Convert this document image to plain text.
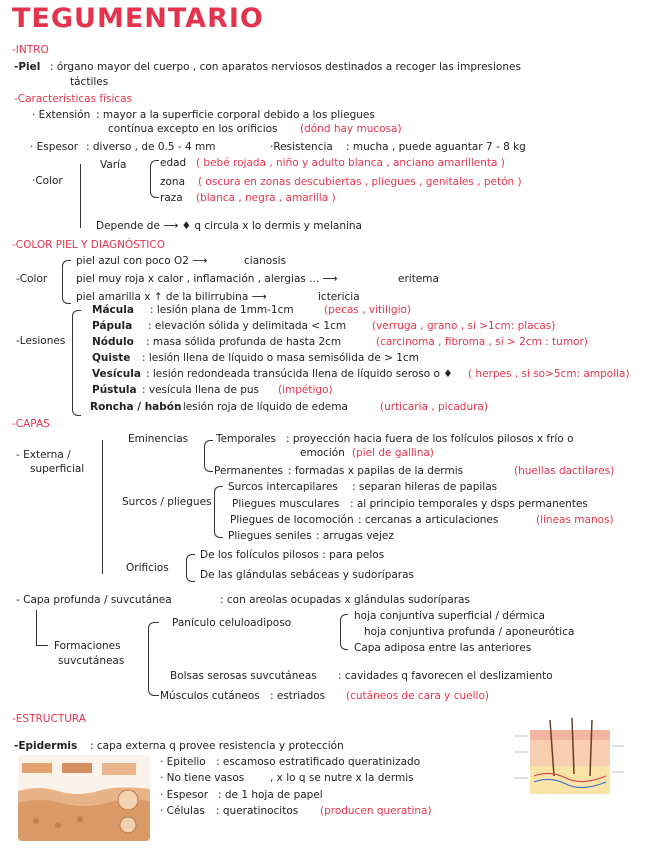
TEGUMENTARIO
-INTRO
-Piel : órgano mayor del cuerpo , con aparatos nerviosos destinados a recoger las impresiones
táctiles
-Características físicas
· Extensión : mayor a la superficie corporal debido a los pliegues
contínua excepto en los orificios (dónd hay mucosa)
· Espesor : diverso , de 0.5 - 4 mm	·Resistencia : mucha , puede aguantar 7 - 8 kg
·Color
Varía	edad ( bebé rojada , niño y adulto blanca , anciano amarillenta )
zona ( oscura en zonas descubiertas , pliegues , genitales , petón )
raza (blanca , negra , amarilla )
Depende de ⟶ ♦ q circula x lo dermis y melanina
-COLOR PIEL Y DIAGNÓSTICO
-Color
piel azul con poco O2 ⟶	cianosis
piel muy roja x calor , inflamación , alergias ... ⟶	eritema
piel amarilla x ↑ de la bilirrubina ⟶	ictericia
-Lesiones
Mácula : lesión plana de 1mm-1cm	(pecas , vitiligio)
Pápula : elevación sólida y delimitada < 1cm (verruga , grano , si >1cm: placas)
Nódulo : masa sólida profunda de hasta 2cm	(carcinoma , fibroma , si > 2cm : tumor)
Quiste : lesión llena de líquido o masa semisólida de > 1cm
Vesícula : lesión redondeada transúcida llena de líquido seroso o ♦ ( herpes , si so>5cm: ampolla)
Pústula : vesícula llena de pus (impétigo)
Roncha / habón
: lesión roja de líquido de edema	(urticaria , picadura)
-CAPAS
- Externa /
superficial
Eminencias	Temporales : proyección hacia fuera de los folículos pilosos x frío o
emoción (piel de gallina)
Permanentes : formadas x papilas de la dermis	(huellas dactilares)
Surcos / pliegues
Surcos intercapilares : separan hileras de papilas
Pliegues musculares : al principio temporales y dsps permanentes
Pliegues de locomoción : cercanas a articulaciones	(líneas manos)
Pliegues seniles : arrugas vejez
Orificios
De los folículos pilosos : para pelos
De las glándulas sebáceas y sudoríparas
- Capa profunda / suvcutánea	: con areolas ocupadas x glándulas sudoríparas
Formaciones
suvcutáneas
Panículo celuloadiposo
hoja conjuntiva superficial / dérmica
hoja conjuntiva profunda / aponeurótica
Capa adiposa entre las anteriores
Bolsas serosas suvcutáneas : cavidades q favorecen el deslizamiento
Músculos cutáneos : estriados (cutáneos de cara y cuello)
-ESTRUCTURA
-Epidermis : capa externa q provee resistencia y protección
· Epitelio : escamoso estratificado queratinizado
· No tiene vasos , x lo q se nutre x la dermis
· Espesor : de 1 hoja de papel
· Células : queratinocitos (producen queratina)
